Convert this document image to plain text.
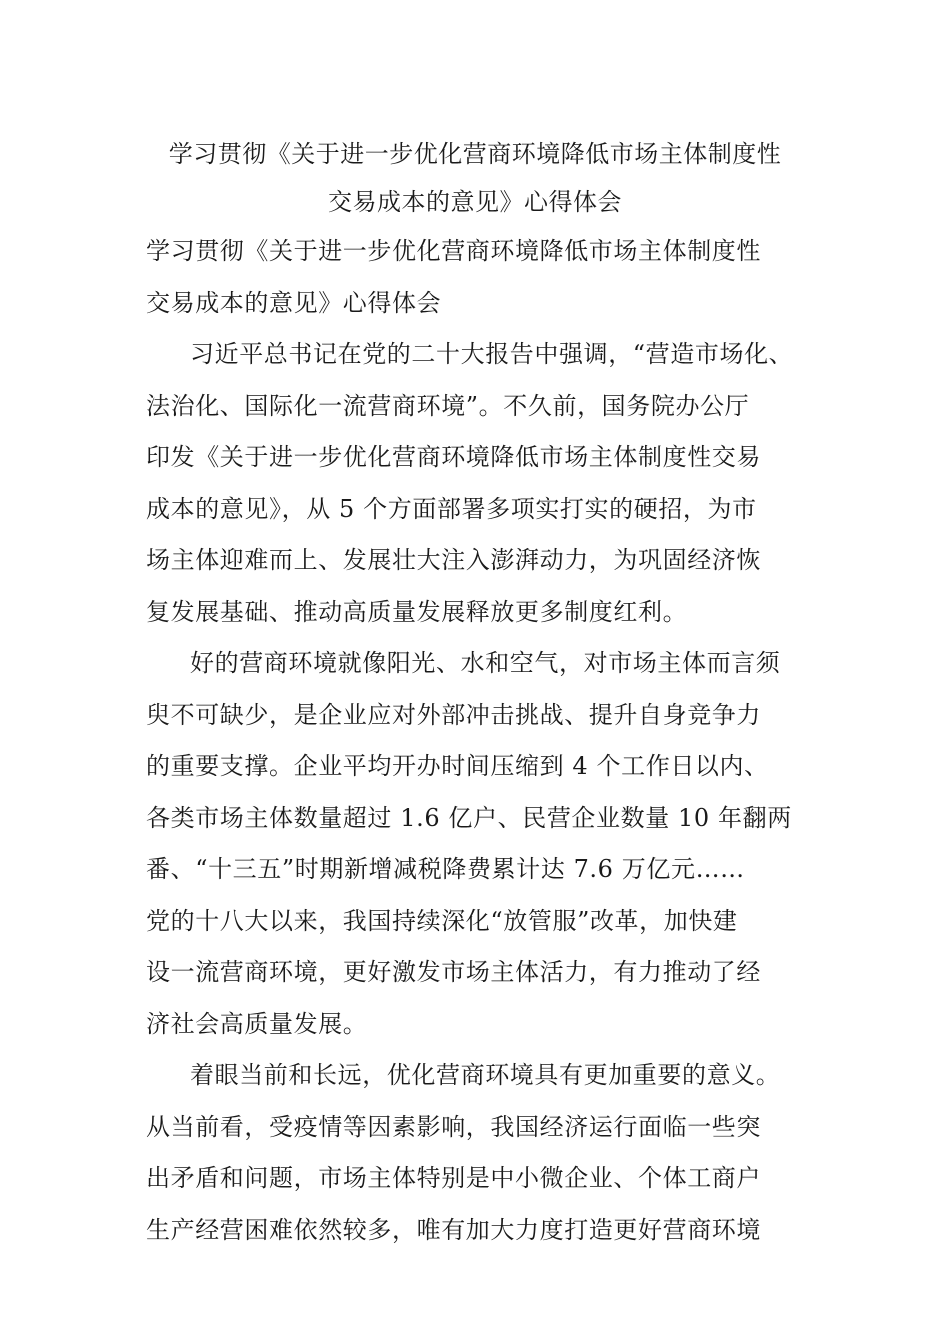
学习贯彻《关于进一步优化营商环境降低市场主体制度性
交易成本的意见》心得体会
学习贯彻《关于进一步优化营商环境降低市场主体制度性
交易成本的意见》心得体会
习近平总书记在党的二十大报告中强调，“营造市场化、
法治化、国际化一流营商环境”。不久前，国务院办公厅
印发《关于进一步优化营商环境降低市场主体制度性交易
成本的意见》，从 5 个方面部署多项实打实的硬招，为市
场主体迎难而上、发展壮大注入澎湃动力，为巩固经济恢
复发展基础、推动高质量发展释放更多制度红利。
好的营商环境就像阳光、水和空气，对市场主体而言须
臾不可缺少，是企业应对外部冲击挑战、提升自身竞争力
的重要支撑。企业平均开办时间压缩到 4 个工作日以内、
各类市场主体数量超过 1.6 亿户、民营企业数量 10 年翻两
番、“十三五”时期新增减税降费累计达 7.6 万亿元……
党的十八大以来，我国持续深化“放管服”改革，加快建
设一流营商环境，更好激发市场主体活力，有力推动了经
济社会高质量发展。
着眼当前和长远，优化营商环境具有更加重要的意义。
从当前看，受疫情等因素影响，我国经济运行面临一些突
出矛盾和问题，市场主体特别是中小微企业、个体工商户
生产经营困难依然较多，唯有加大力度打造更好营商环境
